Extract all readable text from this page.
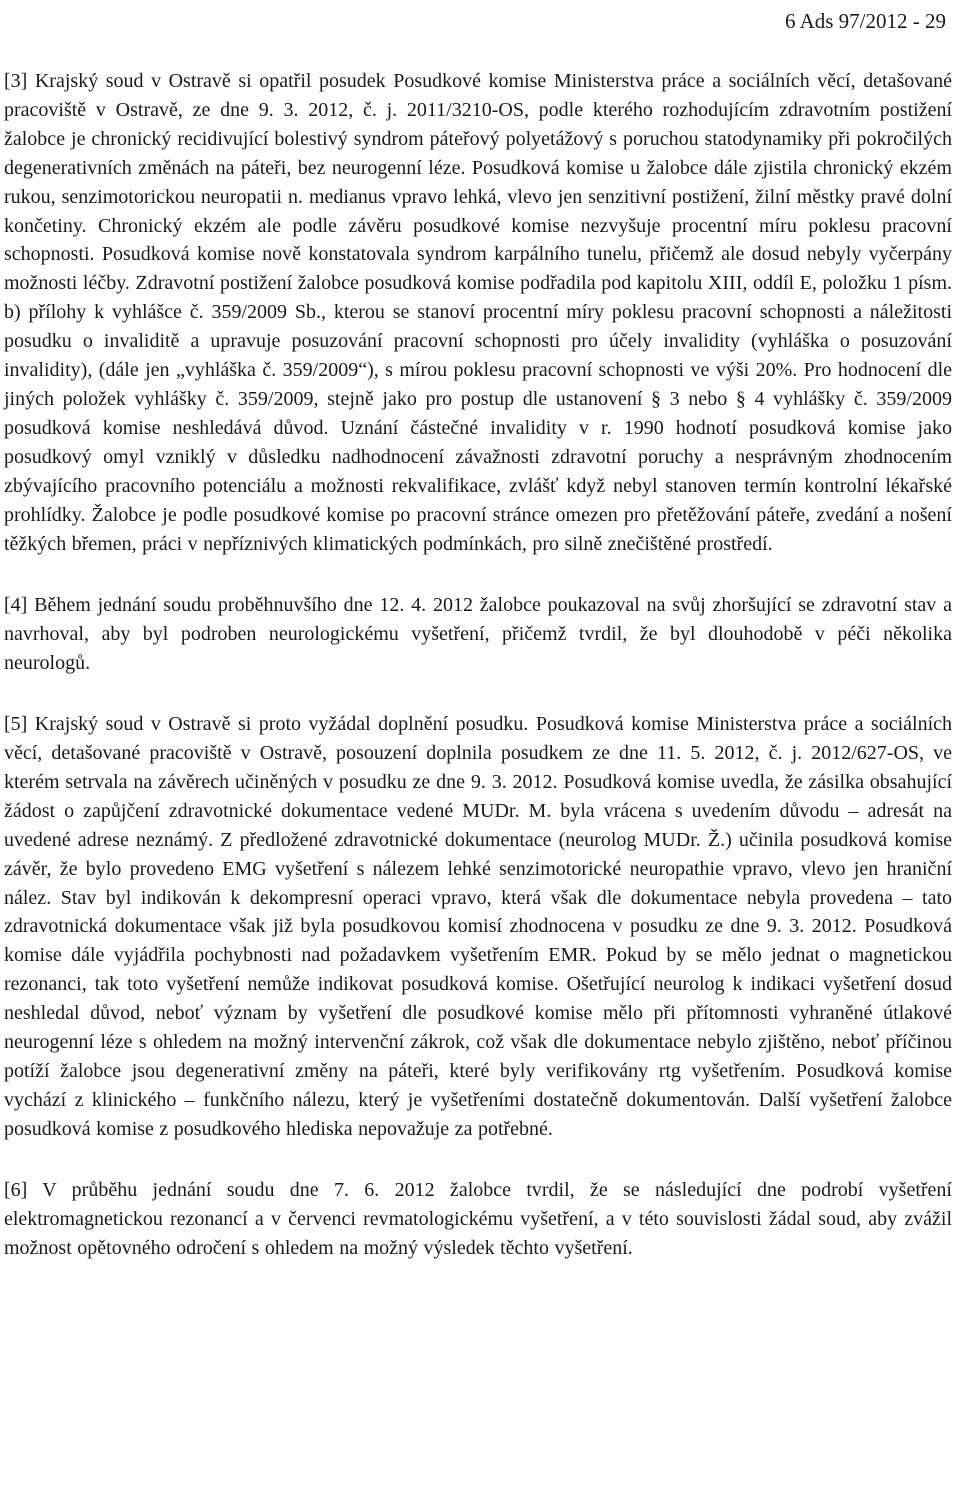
6 Ads 97/2012 - 29

[3] Krajský soud v Ostravě si opatřil posudek Posudkové komise Ministerstva práce a sociálních věcí, detašované pracoviště v Ostravě, ze dne 9. 3. 2012, č. j. 2011/3210-OS, podle kterého rozhodujícím zdravotním postižení žalobce je chronický recidivující bolestivý syndrom páteřový polyetážový s poruchou statodynamiky při pokročilých degenerativních změnách na páteři, bez neurogenní léze. Posudková komise u žalobce dále zjistila chronický ekzém rukou, senzimotorickou neuropatii n. medianus vpravo lehká, vlevo jen senzitivní postižení, žilní městky pravé dolní končetiny. Chronický ekzém ale podle závěru posudkové komise nezvyšuje procentní míru poklesu pracovní schopnosti. Posudková komise nově konstatovala syndrom karpálního tunelu, přičemž ale dosud nebyly vyčerpány možnosti léčby. Zdravotní postižení žalobce posudková komise podřadila pod kapitolu XIII, oddíl E, položku 1 písm. b) přílohy k vyhlášce č. 359/2009 Sb., kterou se stanoví procentní míry poklesu pracovní schopnosti a náležitosti posudku o invaliditě a upravuje posuzování pracovní schopnosti pro účely invalidity (vyhláška o posuzování invalidity), (dále jen „vyhláška č. 359/2009“), s mírou poklesu pracovní schopnosti ve výši 20%. Pro hodnocení dle jiných položek vyhlášky č. 359/2009, stejně jako pro postup dle ustanovení § 3 nebo § 4 vyhlášky č. 359/2009 posudková komise neshledává důvod. Uznání částečné invalidity v r. 1990 hodnotí posudková komise jako posudkový omyl vzniklý v důsledku nadhodnocení závažnosti zdravotní poruchy a nesprávným zhodnocením zbývajícího pracovního potenciálu a možnosti rekvalifikace, zvlášť když nebyl stanoven termín kontrolní lékařské prohlídky. Žalobce je podle posudkové komise po pracovní stránce omezen pro přetěžování páteře, zvedání a nošení těžkých břemen, práci v nepříznivých klimatických podmínkách, pro silně znečištěné prostředí.

[4] Během jednání soudu proběhnuvšího dne 12. 4. 2012 žalobce poukazoval na svůj zhoršující se zdravotní stav a navrhoval, aby byl podroben neurologickému vyšetření, přičemž tvrdil, že byl dlouhodobě v péči několika neurologů.

[5] Krajský soud v Ostravě si proto vyžádal doplnění posudku. Posudková komise Ministerstva práce a sociálních věcí, detašované pracoviště v Ostravě, posouzení doplnila posudkem ze dne 11. 5. 2012, č. j. 2012/627-OS, ve kterém setrvala na závěrech učiněných v posudku ze dne 9. 3. 2012. Posudková komise uvedla, že zásilka obsahující žádost o zapůjčení zdravotnické dokumentace vedené MUDr. M. byla vrácena s uvedením důvodu – adresát na uvedené adrese neznámý. Z předložené zdravotnické dokumentace (neurolog MUDr. Ž.) učinila posudková komise závěr, že bylo provedeno EMG vyšetření s nálezem lehké senzimotorické neuropathie vpravo, vlevo jen hraniční nález. Stav byl indikován k dekompresní operaci vpravo, která však dle dokumentace nebyla provedena – tato zdravotnická dokumentace však již byla posudkovou komisí zhodnocena v posudku ze dne 9. 3. 2012. Posudková komise dále vyjádřila pochybnosti nad požadavkem vyšetřením EMR. Pokud by se mělo jednat o magnetickou rezonanci, tak toto vyšetření nemůže indikovat posudková komise. Ošetřující neurolog k indikaci vyšetření dosud neshledal důvod, neboť význam by vyšetření dle posudkové komise mělo při přítomnosti vyhraněné útlakové neurogenní léze s ohledem na možný intervenční zákrok, což však dle dokumentace nebylo zjištěno, neboť příčinou potíží žalobce jsou degenerativní změny na páteři, které byly verifikovány rtg vyšetřením. Posudková komise vychází z klinického – funkčního nálezu, který je vyšetřeními dostatečně dokumentován. Další vyšetření žalobce posudková komise z posudkového hlediska nepovažuje za potřebné.

[6] V průběhu jednání soudu dne 7. 6. 2012 žalobce tvrdil, že se následující dne podrobí vyšetření elektromagnetickou rezonancí a v červenci revmatologickému vyšetření, a v této souvislosti žádal soud, aby zvážil možnost opětovného odročení s ohledem na možný výsledek těchto vyšetření.
